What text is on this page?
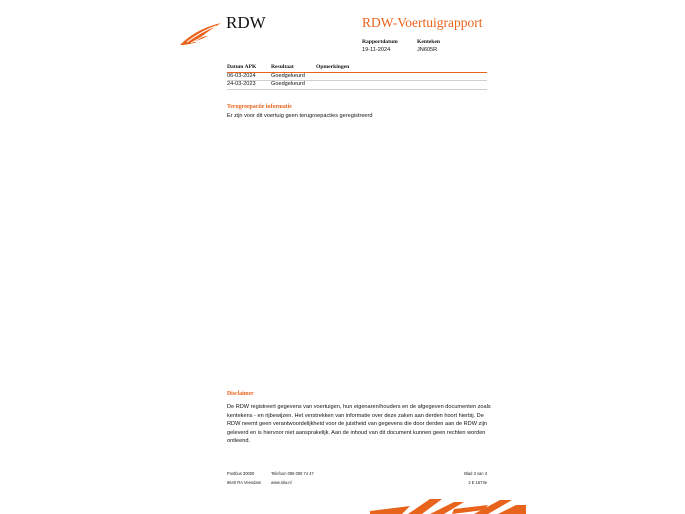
RDW	RDW-Voertuigrapport
Rapportdatum
19-11-2024
Kenteken
JN605R
Datum APK	Resultaat	Opmerkingen
06-03-2024	Goedgekeurd
24-03-2023	Goedgekeurd
Terugroepactie informatie
Er zijn voor dit voertuig geen terugroepacties geregistreerd
Disclaimer
De RDW registreert gegevens van voertuigen, hun eigenaren/houders en de afgegeven documenten zoals
kentekens - en rijbewijzen. Het verstrekken van informatie over deze zaken aan derden hoort hierbij. De
RDW neemt geen verantwoordelijkheid voor de juistheid van gegevens die door derden aan de RDW zijn
geleverd en is hiervoor niet aansprakelijk. Aan de inhoud van dit document kunnen geen rechten worden
ontleend.
Postbus 30000
9640 RA Veendam
Telefoon 088 008 74 47
www.rdw.nl
Blad 3 van 3
2 E 1673e
